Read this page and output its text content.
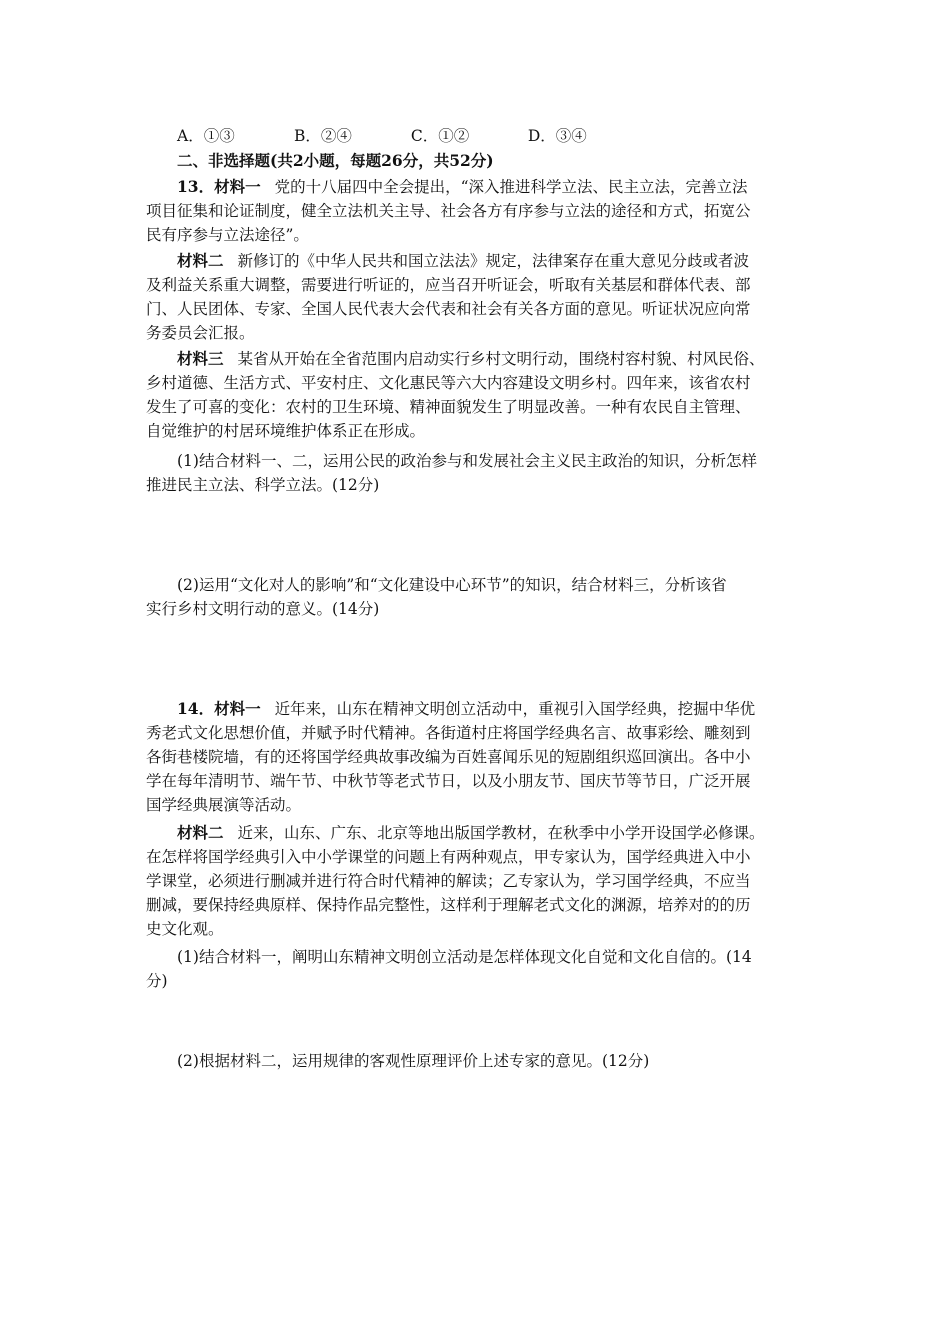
A．①③	B．②④	C．①②	D．③④
二、非选择题(共2小题，每题26分，共52分)
13．材料一 党的十八届四中全会提出，“深入推进科学立法、民主立法，完善立法
项目征集和论证制度，健全立法机关主导、社会各方有序参与立法的途径和方式，拓宽公
民有序参与立法途径”。
材料二 新修订的《中华人民共和国立法法》规定，法律案存在重大意见分歧或者波
及利益关系重大调整，需要进行听证的，应当召开听证会，听取有关基层和群体代表、部
门、人民团体、专家、全国人民代表大会代表和社会有关各方面的意见。听证状况应向常
务委员会汇报。
材料三 某省从开始在全省范围内启动实行乡村文明行动，围绕村容村貌、村风民俗、
乡村道德、生活方式、平安村庄、文化惠民等六大内容建设文明乡村。四年来，该省农村
发生了可喜的变化：农村的卫生环境、精神面貌发生了明显改善。一种有农民自主管理、
自觉维护的村居环境维护体系正在形成。
(1)结合材料一、二，运用公民的政治参与和发展社会主义民主政治的知识，分析怎样
推进民主立法、科学立法。(12分)
(2)运用“文化对人的影响”和“文化建设中心环节”的知识，结合材料三，分析该省
实行乡村文明行动的意义。(14分)
14．材料一 近年来，山东在精神文明创立活动中，重视引入国学经典，挖掘中华优
秀老式文化思想价值，并赋予时代精神。各街道村庄将国学经典名言、故事彩绘、雕刻到
各街巷楼院墙，有的还将国学经典故事改编为百姓喜闻乐见的短剧组织巡回演出。各中小
学在每年清明节、端午节、中秋节等老式节日，以及小朋友节、国庆节等节日，广泛开展
国学经典展演等活动。
材料二 近来，山东、广东、北京等地出版国学教材，在秋季中小学开设国学必修课。
在怎样将国学经典引入中小学课堂的问题上有两种观点，甲专家认为，国学经典进入中小
学课堂，必须进行删减并进行符合时代精神的解读；乙专家认为，学习国学经典，不应当
删减，要保持经典原样、保持作品完整性，这样利于理解老式文化的渊源，培养对的的历
史文化观。
(1)结合材料一，阐明山东精神文明创立活动是怎样体现文化自觉和文化自信的。(14
分)
(2)根据材料二，运用规律的客观性原理评价上述专家的意见。(12分)
